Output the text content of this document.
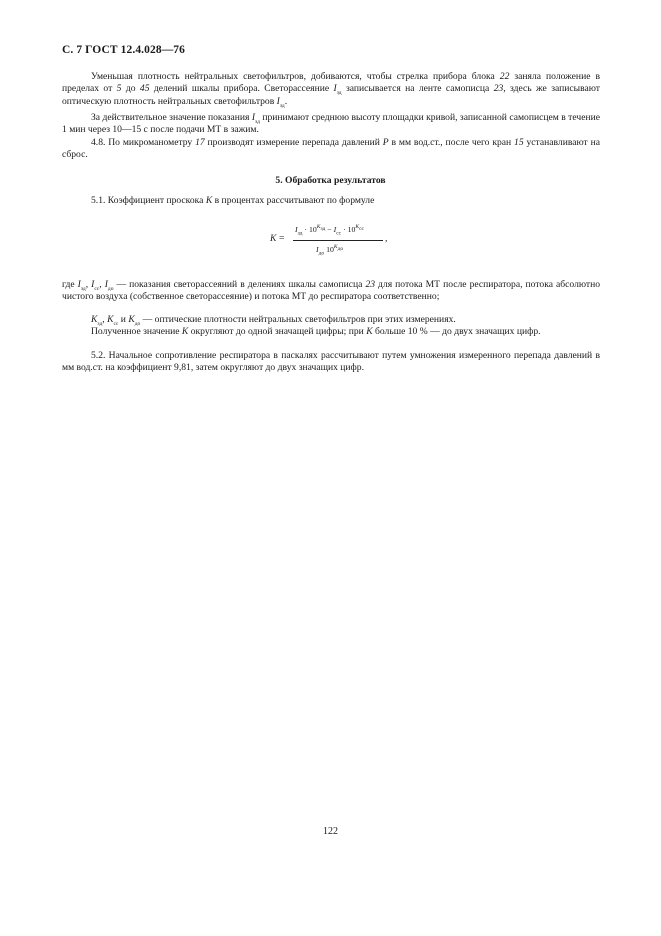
С. 7 ГОСТ 12.4.028—76

Уменьшая плотность нейтральных светофильтров, добиваются, чтобы стрелка прибора блока 22 заняла положение в пределах от 5 до 45 делений шкалы прибора. Светорассеяние $I_{зд}$ записывается на ленте самописца 23, здесь же записывают оптическую плотность нейтральных светофильтров $I_{зд}$.

За действительное значение показания $I_{зд}$ принимают среднюю высоту площадки кривой, записанной самописцем в течение 1 мин через 10—15 с после подачи МТ в зажим.

4.8. По микроманометру 17 производят измерение перепада давлений P в мм вод.ст., после чего кран 15 устанавливают на сброс.

5. Обработка результатов

5.1. Коэффициент проскока K в процентах рассчитывают по формуле

K =
$I_{зд} \cdot 10^{K_{зд}} - I_{сс} \cdot 10^{K_{сс}}$
$I_{до}$ $10^{K_{до}}$
,

где $I_{зд}$, $I_{сс}$, $I_{до}$ — показания светорассеяний в делениях шкалы самописца 23 для потока МТ после респиратора, потока абсолютно чистого воздуха (собственное светорассеяние) и потока МТ до респиратора соответственно;

$K_{зд}$, $K_{сс}$ и $K_{до}$ — оптические плотности нейтральных светофильтров при этих измерениях.

Полученное значение K округляют до одной значащей цифры; при K больше 10 % — до двух значащих цифр.

5.2. Начальное сопротивление респиратора в паскалях рассчитывают путем умножения измеренного перепада давлений в мм вод.ст. на коэффициент 9,81, затем округляют до двух значащих цифр.

122
